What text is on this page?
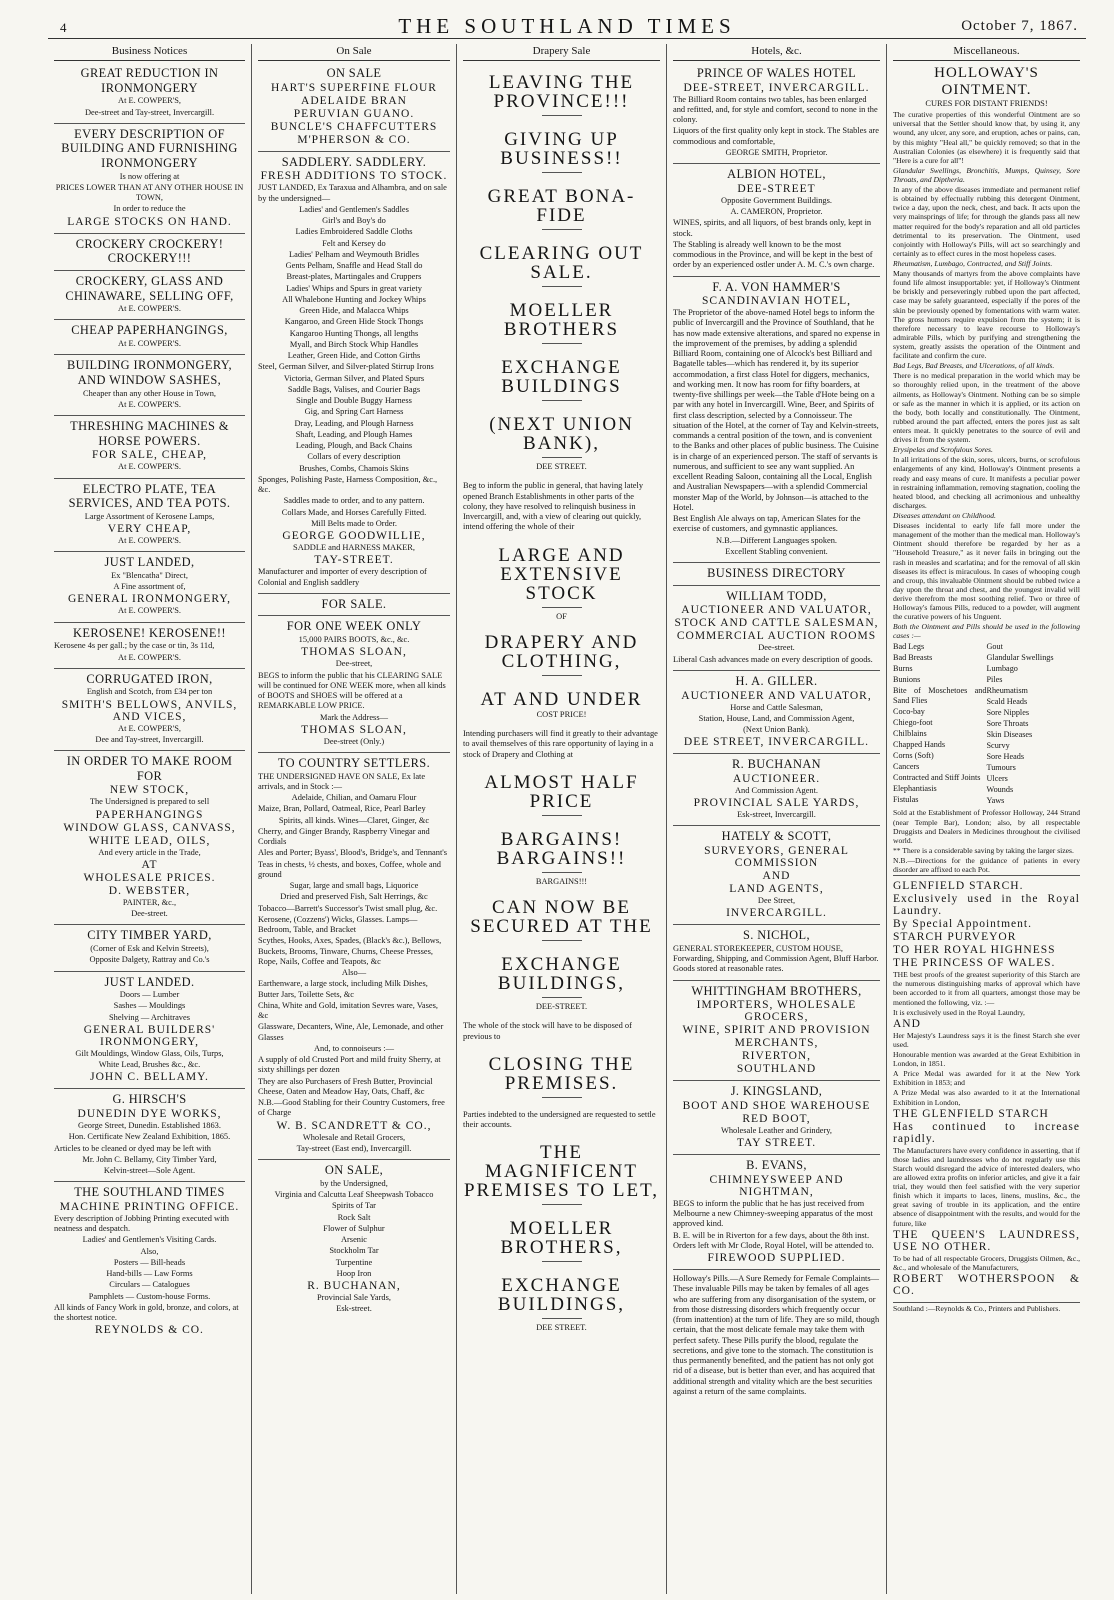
4	THE SOUTHLAND TIMES	October 7, 1867.
Business Notices
GREAT REDUCTION IN IRONMONGERY

At E. COWPER'S,

Dee-street and Tay-street, Invercargill.

EVERY DESCRIPTION OF BUILDING AND FURNISHING IRONMONGERY

Is now offering at

PRICES LOWER THAN AT ANY OTHER HOUSE IN TOWN,

In order to reduce the

LARGE STOCKS ON HAND.

CROCKERY CROCKERY! CROCKERY!!!
CROCKERY, GLASS AND CHINAWARE, SELLING OFF,

At E. COWPER'S.

CHEAP PAPERHANGINGS,

At E. COWPER'S.

BUILDING IRONMONGERY, AND WINDOW SASHES,

Cheaper than any other House in Town,

At E. COWPER'S.

THRESHING MACHINES & HORSE POWERS.

FOR SALE, CHEAP,

At E. COWPER'S.

ELECTRO PLATE, TEA SERVICES, AND TEA POTS.

Large Assortment of Kerosene Lamps,

VERY CHEAP,

At E. COWPER'S.

JUST LANDED,

Ex "Blencatha" Direct,

A Fine assortment of,

GENERAL IRONMONGERY,

At E. COWPER'S.

KEROSENE! KEROSENE!!

Kerosene 4s per gall.; by the case or tin, 3s 11d,

At E. COWPER'S.

CORRUGATED IRON,

English and Scotch, from £34 per ton

SMITH'S BELLOWS, ANVILS, AND VICES,

At E. COWPER'S,

Dee and Tay-street, Invercargill.

IN ORDER TO MAKE ROOM FOR

NEW STOCK,

The Undersigned is prepared to sell

PAPERHANGINGS

WINDOW GLASS, CANVASS,

WHITE LEAD, OILS,

And every article in the Trade,

AT

WHOLESALE PRICES.

D. WEBSTER,

PAINTER, &c.,

Dee-street.

CITY TIMBER YARD,

(Corner of Esk and Kelvin Streets),

Opposite Dalgety, Rattray and Co.'s

JUST LANDED.

Doors — Lumber

Sashes — Mouldings

Shelving — Architraves

GENERAL BUILDERS' IRONMONGERY,

Gilt Mouldings, Window Glass, Oils, Turps,

White Lead, Brushes &c., &c.

JOHN C. BELLAMY.

G. HIRSCH'S

DUNEDIN DYE WORKS,

George Street, Dunedin. Established 1863.

Hon. Certificate New Zealand Exhibition, 1865.

Articles to be cleaned or dyed may be left with

Mr. John C. Bellamy, City Timber Yard,

Kelvin-street—Sole Agent.

THE SOUTHLAND TIMES

MACHINE PRINTING OFFICE.

Every description of Jobbing Printing executed with neatness and despatch.

Ladies' and Gentlemen's Visiting Cards.

Also,

Posters — Bill-heads

Hand-bills — Law Forms

Circulars — Catalogues

Pamphlets — Custom-house Forms.

All kinds of Fancy Work in gold, bronze, and colors, at the shortest notice.

REYNOLDS & CO.

On Sale
ON SALE

HART'S SUPERFINE FLOUR

ADELAIDE BRAN

PERUVIAN GUANO.

BUNCLE'S CHAFFCUTTERS

M'PHERSON & CO.

SADDLERY. SADDLERY.

FRESH ADDITIONS TO STOCK.

JUST LANDED, Ex Taraxua and Alhambra, and on sale by the undersigned—

Ladies' and Gentlemen's Saddles

Girl's and Boy's do

Ladies Embroidered Saddle Cloths

Felt and Kersey do

Ladies' Pelham and Weymouth Bridles

Gents Pelham, Snaffle and Head Stall do

Breast-plates, Martingales and Cruppers

Ladies' Whips and Spurs in great variety

All Whalebone Hunting and Jockey Whips

Green Hide, and Malacca Whips

Kangaroo, and Green Hide Stock Thongs

Kangaroo Hunting Thongs, all lengths

Myall, and Birch Stock Whip Handles

Leather, Green Hide, and Cotton Girths

Steel, German Silver, and Silver-plated Stirrup Irons

Victoria, German Silver, and Plated Spurs

Saddle Bags, Valises, and Courier Bags

Single and Double Buggy Harness

Gig, and Spring Cart Harness

Dray, Leading, and Plough Harness

Shaft, Leading, and Plough Hames

Leading, Plough, and Back Chains

Collars of every description

Brushes, Combs, Chamois Skins

Sponges, Polishing Paste, Harness Composition, &c., &c.

Saddles made to order, and to any pattern.

Collars Made, and Horses Carefully Fitted.

Mill Belts made to Order.

GEORGE GOODWILLIE,

SADDLE and HARNESS MAKER,

TAY-STREET.

Manufacturer and importer of every description of Colonial and English saddlery

FOR SALE.
FOR ONE WEEK ONLY

15,000 PAIRS BOOTS, &c., &c.

THOMAS SLOAN,

Dee-street,

BEGS to inform the public that his CLEARING SALE will be continued for ONE WEEK more, when all kinds of BOOTS and SHOES will be offered at a REMARKABLE LOW PRICE.

Mark the Address—

THOMAS SLOAN,

Dee-street (Only.)

TO COUNTRY SETTLERS.

THE UNDERSIGNED HAVE ON SALE, Ex late arrivals, and in Stock :—

Adelaide, Chilian, and Oamaru Flour

Maize, Bran, Pollard, Oatmeal, Rice, Pearl Barley

Spirits, all kinds. Wines—Claret, Ginger, &c

Cherry, and Ginger Brandy, Raspberry Vinegar and Cordials

Ales and Porter; Byass', Blood's, Bridge's, and Tennant's

Teas in chests, ½ chests, and boxes, Coffee, whole and ground

Sugar, large and small bags, Liquorice

Dried and preserved Fish, Salt Herrings, &c

Tobacco—Barrett's Successor's Twist small plug, &c.

Kerosene, (Cozzens') Wicks, Glasses. Lamps—Bedroom, Table, and Bracket

Scythes, Hooks, Axes, Spades, (Black's &c.), Bellows, Buckets, Brooms, Tinware, Churns, Cheese Presses, Rope, Nails, Coffee and Teapots, &c

Also—

Earthenware, a large stock, including Milk Dishes, Butter Jars, Toilette Sets, &c

China, White and Gold, imitation Sevres ware, Vases, &c

Glassware, Decanters, Wine, Ale, Lemonade, and other Glasses

And, to connoiseurs :—

A supply of old Crusted Port and mild fruity Sherry, at sixty shillings per dozen

They are also Purchasers of Fresh Butter, Provincial Cheese, Oaten and Meadow Hay, Oats, Chaff, &c

N.B.—Good Stabling for their Country Customers, free of Charge

W. B. SCANDRETT & CO.,

Wholesale and Retail Grocers,

Tay-street (East end), Invercargill.

ON SALE,

by the Undersigned,

Virginia and Calcutta Leaf Sheepwash Tobacco

Spirits of Tar

Rock Salt

Flower of Sulphur

Arsenic

Stockholm Tar

Turpentine

Hoop Iron

R. BUCHANAN,

Provincial Sale Yards,

Esk-street.

Drapery Sale

LEAVING THE PROVINCE!!!

GIVING UP BUSINESS!!

GREAT BONA-FIDE

CLEARING OUT SALE.

MOELLER BROTHERS

EXCHANGE BUILDINGS

(NEXT UNION BANK),

DEE STREET.

Beg to inform the public in general, that having lately opened Branch Establishments in other parts of the colony, they have resolved to relinquish business in Invercargill, and, with a view of clearing out quickly, intend offering the whole of their

LARGE AND EXTENSIVE STOCK

OF

DRAPERY AND CLOTHING,

AT AND UNDER

COST PRICE!

Intending purchasers will find it greatly to their advantage to avail themselves of this rare opportunity of laying in a stock of Drapery and Clothing at

ALMOST HALF PRICE

BARGAINS! BARGAINS!!

BARGAINS!!!

CAN NOW BE SECURED AT THE

EXCHANGE BUILDINGS,

DEE-STREET.

The whole of the stock will have to be disposed of previous to

CLOSING THE PREMISES.

Parties indebted to the undersigned are requested to settle their accounts.

THE MAGNIFICENT PREMISES TO LET,

MOELLER BROTHERS,

EXCHANGE BUILDINGS,

DEE STREET.

Hotels, &c.
PRINCE OF WALES HOTEL

DEE-STREET, INVERCARGILL.

The Billiard Room contains two tables, has been enlarged and refitted, and, for style and comfort, second to none in the colony.

Liquors of the first quality only kept in stock. The Stables are commodious and comfortable,

GEORGE SMITH, Proprietor.

ALBION HOTEL,

DEE-STREET

Opposite Government Buildings.

A. CAMERON, Proprietor.

WINES, spirits, and all liquors, of best brands only, kept in stock.

The Stabling is already well known to be the most commodious in the Province, and will be kept in the best of order by an experienced ostler under A. M. C.'s own charge.

F. A. VON HAMMER'S

SCANDINAVIAN HOTEL,

The Proprietor of the above-named Hotel begs to inform the public of Invercargill and the Province of Southland, that he has now made extensive alterations, and spared no expense in the improvement of the premises, by adding a splendid Billiard Room, containing one of Alcock's best Billiard and Bagatelle tables—which has rendered it, by its superior accommodation, a first class Hotel for diggers, mechanics, and working men. It now has room for fifty boarders, at twenty-five shillings per week—the Table d'Hote being on a par with any hotel in Invercargill. Wine, Beer, and Spirits of first class description, selected by a Connoisseur. The situation of the Hotel, at the corner of Tay and Kelvin-streets, commands a central position of the town, and is convenient to the Banks and other places of public business. The Cuisine is in charge of an experienced person. The staff of servants is numerous, and sufficient to see any want supplied. An excellent Reading Saloon, containing all the Local, English and Australian Newspapers—with a splendid Commercial monster Map of the World, by Johnson—is attached to the Hotel.

Best English Ale always on tap, American Slates for the exercise of customers, and gymnastic appliances.

N.B.—Different Languages spoken.

Excellent Stabling convenient.

BUSINESS DIRECTORY
WILLIAM TODD,

AUCTIONEER AND VALUATOR,

STOCK AND CATTLE SALESMAN,

COMMERCIAL AUCTION ROOMS

Dee-street.

Liberal Cash advances made on every description of goods.

H. A. GILLER.

AUCTIONEER AND VALUATOR,

Horse and Cattle Salesman,

Station, House, Land, and Commission Agent,

(Next Union Bank).

DEE STREET, INVERCARGILL.

R. BUCHANAN

AUCTIONEER.

And Commission Agent.

PROVINCIAL SALE YARDS,

Esk-street, Invercargill.

HATELY & SCOTT,

SURVEYORS, GENERAL COMMISSION

AND

LAND AGENTS,

Dee Street,

INVERCARGILL.

S. NICHOL,

GENERAL STOREKEEPER, CUSTOM HOUSE, Forwarding, Shipping, and Commission Agent, Bluff Harbor. Goods stored at reasonable rates.

WHITTINGHAM BROTHERS,

IMPORTERS, WHOLESALE GROCERS,

WINE, SPIRIT AND PROVISION

MERCHANTS,

RIVERTON,

SOUTHLAND

J. KINGSLAND,

BOOT AND SHOE WAREHOUSE

RED BOOT,

Wholesale Leather and Grindery,

TAY STREET.

B. EVANS,

CHIMNEYSWEEP AND NIGHTMAN,

BEGS to inform the public that he has just received from Melbourne a new Chimney-sweeping apparatus of the most approved kind.

B. E. will be in Riverton for a few days, about the 8th inst. Orders left with Mr Clode, Royal Hotel, will be attended to.

FIREWOOD SUPPLIED.

Holloway's Pills.—A Sure Remedy for Female Complaints—These invaluable Pills may be taken by females of all ages who are suffering from any disorganisation of the system, or from those distressing disorders which frequently occur (from inattention) at the turn of life. They are so mild, though certain, that the most delicate female may take them with perfect safety. These Pills purify the blood, regulate the secretions, and give tone to the stomach. The constitution is thus permanently benefited, and the patient has not only got rid of a disease, but is better than ever, and has acquired that additional strength and vitality which are the best securities against a return of the same complaints.

Miscellaneous.
HOLLOWAY'S OINTMENT.
CURES FOR DISTANT FRIENDS!

The curative properties of this wonderful Ointment are so universal that the Settler should know that, by using it, any wound, any ulcer, any sore, and eruption, aches or pains, can, by this mighty "Heal all," be quickly removed; so that in the Australian Colonies (as elsewhere) it is frequently said that "Here is a cure for all"!

Glandular Swellings, Bronchitis, Mumps, Quinsey, Sore Throats, and Diptheria.

In any of the above diseases immediate and permanent relief is obtained by effectually rubbing this detergent Ointment, twice a day, upon the neck, chest, and back. It acts upon the very mainsprings of life; for through the glands pass all new matter required for the body's reparation and all old particles detrimental to its preservation. The Ointment, used conjointly with Holloway's Pills, will act so searchingly and certainly as to effect cures in the most hopeless cases.

Rheumatism, Lumbago, Contracted, and Stiff Joints.

Many thousands of martyrs from the above complaints have found life almost insupportable: yet, if Holloway's Ointment be briskly and perseveringly rubbed upon the part affected, case may be safely guaranteed, especially if the pores of the skin be previously opened by fomentations with warm water. The gross humors require expulsion from the system; it is therefore necessary to leave recourse to Holloway's admirable Pills, which by purifying and strengthening the system, greatly assists the operation of the Ointment and facilitate and confirm the cure.

Bad Legs, Bad Breasts, and Ulcerations, of all kinds.

There is no medical preparation in the world which may be so thoroughly relied upon, in the treatment of the above ailments, as Holloway's Ointment. Nothing can be so simple or safe as the manner in which it is applied, or its action on the body, both locally and constitutionally. The Ointment, rubbed around the part affected, enters the pores just as salt enters meat. It quickly penetrates to the source of evil and drives it from the system.

Erysipelas and Scrofulous Sores.

In all irritations of the skin, sores, ulcers, burns, or scrofulous enlargements of any kind, Holloway's Ointment presents a ready and easy means of cure. It manifests a peculiar power in restraining inflammation, removing stagnation, cooling the heated blood, and checking all acrimonious and unhealthy discharges.

Diseases attendant on Childhood.

Diseases incidental to early life fall more under the management of the mother than the medical man. Holloway's Ointment should therefore be regarded by her as a "Household Treasure," as it never fails in bringing out the rash in measles and scarlatina; and for the removal of all skin diseases its effect is miraculous. In cases of whooping cough and croup, this invaluable Ointment should be rubbed twice a day upon the throat and chest, and the youngest invalid will derive therefrom the most soothing relief. Two or three of Holloway's famous Pills, reduced to a powder, will augment the curative powers of his Unguent.

Both the Ointment and Pills should be used in the following cases :—

Bad Legs

Bad Breasts

Burns

Bunions

Bite of Moschetoes and Sand Flies

Coco-bay

Chiego-foot

Chilblains

Chapped Hands

Corns (Soft)

Cancers

Contracted and Stiff Joints

Elephantiasis

Fistulas

Gout

Glandular Swellings

Lumbago

Piles

Rheumatism

Scald Heads

Sore Nipples

Sore Throats

Skin Diseases

Scurvy

Sore Heads

Tumours

Ulcers

Wounds

Yaws

Sold at the Establishment of Professor Holloway, 244 Strand (near Temple Bar), London; also, by all respectable Druggists and Dealers in Medicines throughout the civilised world.

** There is a considerable saving by taking the larger sizes.

N.B.—Directions for the guidance of patients in every disorder are affixed to each Pot.

GLENFIELD STARCH.

Exclusively used in the Royal Laundry.

By Special Appointment.

STARCH PURVEYOR

TO HER ROYAL HIGHNESS

THE PRINCESS OF WALES.

THE best proofs of the greatest superiority of this Starch are the numerous distinguishing marks of approval which have been accorded to it from all quarters, amongst those may be mentioned the following, viz. :—

It is exclusively used in the Royal Laundry,

AND

Her Majesty's Laundress says it is the finest Starch she ever used.

Honourable mention was awarded at the Great Exhibition in London, in 1851.

A Price Medal was awarded for it at the New York Exhibition in 1853; and

A Prize Medal was also awarded to it at the International Exhibition in London,

THE GLENFIELD STARCH

Has continued to increase rapidly.

The Manufacturers have every confidence in asserting, that if those ladies and laundresses who do not regularly use this Starch would disregard the advice of interested dealers, who are allowed extra profits on inferior articles, and give it a fair trial, they would then feel satisfied with the very superior finish which it imparts to laces, linens, muslins, &c., the great saving of trouble in its application, and the entire absence of disappointment with the results, and would for the future, like

THE QUEEN'S LAUNDRESS, USE NO OTHER.

To be had of all respectable Grocers, Druggists Oilmen, &c., &c., and wholesale of the Manufacturers,

ROBERT WOTHERSPOON & CO.

Southland :—Reynolds & Co., Printers and Publishers.
